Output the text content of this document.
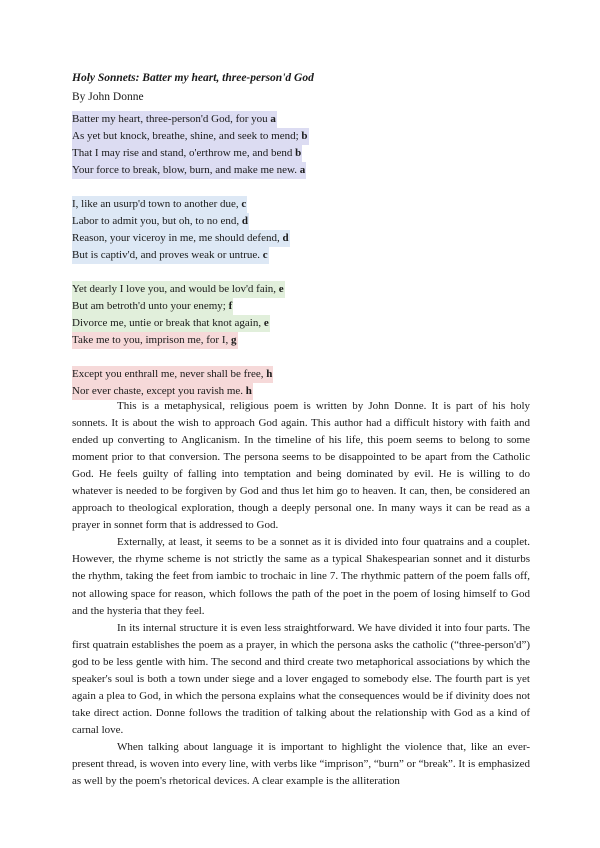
Holy Sonnets: Batter my heart, three-person'd God
By John Donne
Batter my heart, three-person'd God, for you a
As yet but knock, breathe, shine, and seek to mend; b
That I may rise and stand, o'erthrow me, and bend b
Your force to break, blow, burn, and make me new. a
I, like an usurp'd town to another due, c
Labor to admit you, but oh, to no end, d
Reason, your viceroy in me, me should defend, d
But is captiv'd, and proves weak or untrue. c
Yet dearly I love you, and would be lov'd fain, e
But am betroth'd unto your enemy; f
Divorce me, untie or break that knot again, e
Take me to you, imprison me, for I, g
Except you enthrall me, never shall be free, h
Nor ever chaste, except you ravish me. h

This is a metaphysical, religious poem is written by John Donne. It is part of his holy sonnets. It is about the wish to approach God again. This author had a difficult history with faith and ended up converting to Anglicanism. In the timeline of his life, this poem seems to belong to some moment prior to that conversion. The persona seems to be disappointed to be apart from the Catholic God. He feels guilty of falling into temptation and being dominated by evil. He is willing to do whatever is needed to be forgiven by God and thus let him go to heaven. It can, then, be considered an approach to theological exploration, though a deeply personal one. In many ways it can be read as a prayer in sonnet form that is addressed to God.

Externally, at least, it seems to be a sonnet as it is divided into four quatrains and a couplet. However, the rhyme scheme is not strictly the same as a typical Shakespearian sonnet and it disturbs the rhythm, taking the feet from iambic to trochaic in line 7. The rhythmic pattern of the poem falls off, not allowing space for reason, which follows the path of the poet in the poem of losing himself to God and the hysteria that they feel.

In its internal structure it is even less straightforward. We have divided it into four parts. The first quatrain establishes the poem as a prayer, in which the persona asks the catholic (“three-person'd”) god to be less gentle with him. The second and third create two metaphorical associations by which the speaker's soul is both a town under siege and a lover engaged to somebody else. The fourth part is yet again a plea to God, in which the persona explains what the consequences would be if divinity does not take direct action. Donne follows the tradition of talking about the relationship with God as a kind of carnal love.

When talking about language it is important to highlight the violence that, like an ever-present thread, is woven into every line, with verbs like “imprison”, “burn” or “break”. It is emphasized as well by the poem's rhetorical devices. A clear example is the alliteration
